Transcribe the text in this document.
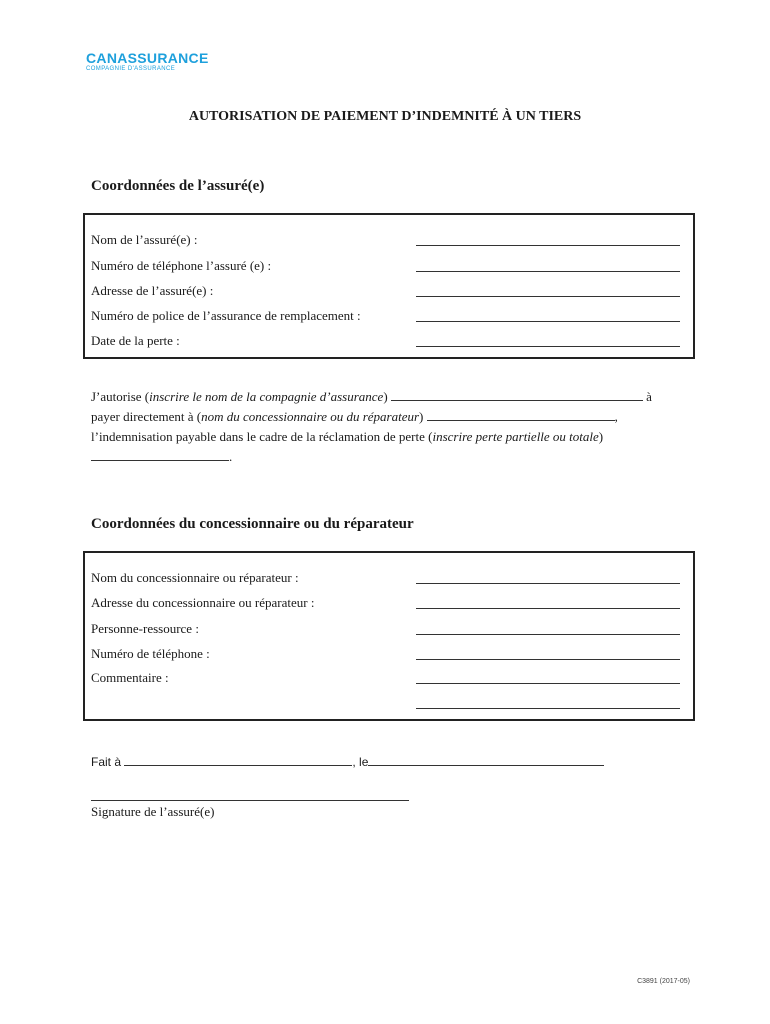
CANASSURANCE
COMPAGNIE D'ASSURANCE
AUTORISATION DE PAIEMENT D’INDEMNITÉ À UN TIERS
Coordonnées de l’assuré(e)
Nom de l’assuré(e) :
Numéro de téléphone l’assuré (e) :
Adresse de l’assuré(e) :
Numéro de police de l’assurance de remplacement :
Date de la perte :
J’autorise (inscrire le nom de la compagnie d’assurance)	à
payer directement à (nom du concessionnaire ou du réparateur)	,
l’indemnisation payable dans le cadre de la réclamation de perte (inscrire perte partielle ou totale)
.
Coordonnées du concessionnaire ou du réparateur
Nom du concessionnaire ou réparateur :
Adresse du concessionnaire ou réparateur :
Personne-ressource :
Numéro de téléphone :
Commentaire :
Fait à	, le
Signature de l’assuré(e)
C3891 (2017-05)
